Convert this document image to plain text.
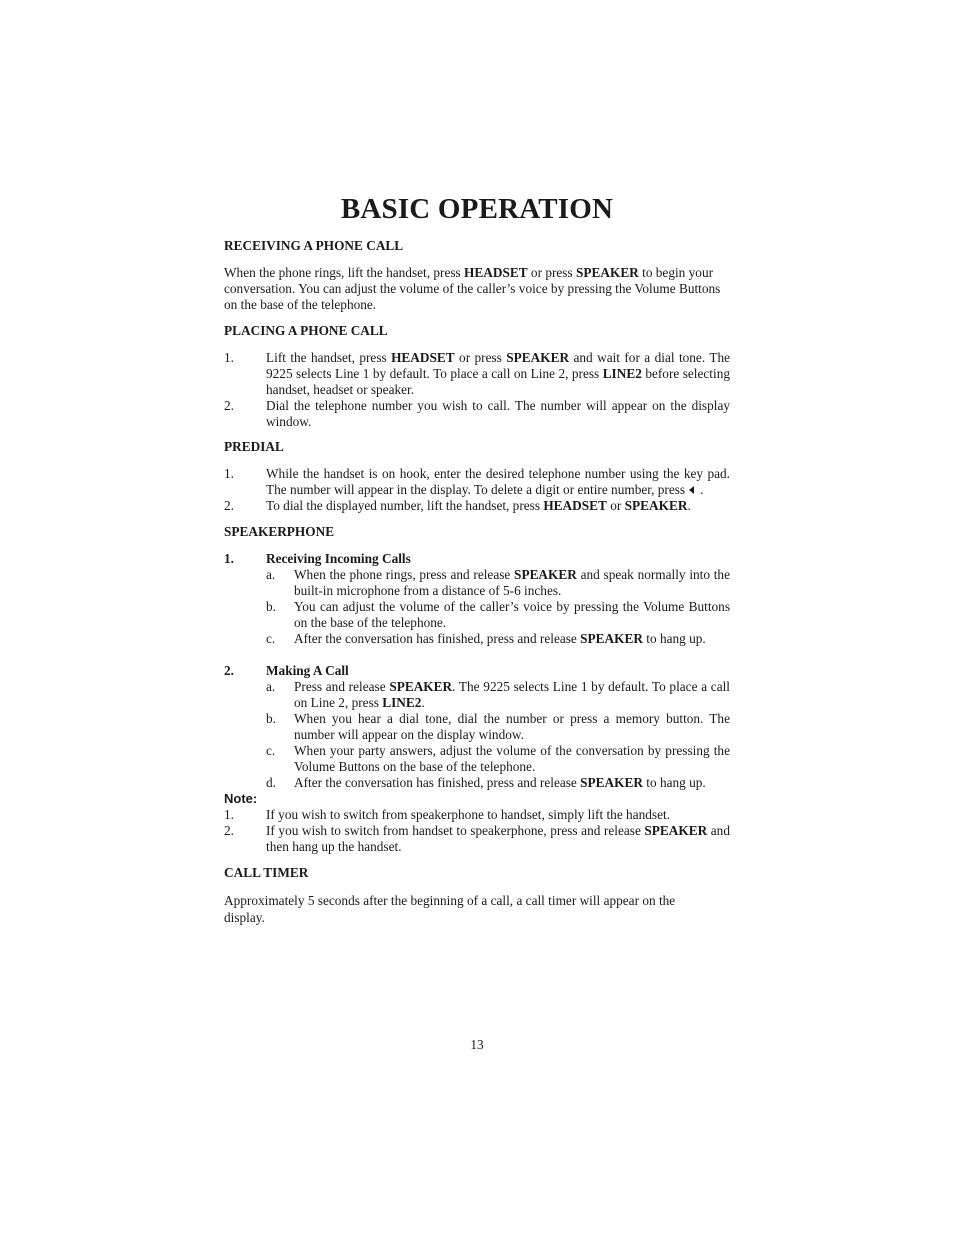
BASIC OPERATION

RECEIVING A PHONE CALL

When the phone rings, lift the handset, press HEADSET or press SPEAKER to begin your conversation. You can adjust the volume of the caller’s voice by pressing the Volume Buttons on the base of the telephone.

PLACING A PHONE CALL

1.	Lift the handset, press HEADSET or press SPEAKER and wait for a dial tone. The 9225 selects Line 1 by default. To place a call on Line 2, press LINE2 before selecting handset, headset or speaker.
2.	Dial the telephone number you wish to call. The number will appear on the display window.

PREDIAL

1.	While the handset is on hook, enter the desired telephone number using the key pad. The number will appear in the display. To delete a digit or entire number, press .
2.	To dial the displayed number, lift the handset, press HEADSET or SPEAKER.

SPEAKERPHONE

1.	Receiving Incoming Calls
a.	When the phone rings, press and release SPEAKER and speak normally into the built-in microphone from a distance of 5-6 inches.
b.	You can adjust the volume of the caller’s voice by pressing the Volume Buttons on the base of the telephone.
c.	After the conversation has finished, press and release SPEAKER to hang up.
2.	Making A Call
a.	Press and release SPEAKER. The 9225 selects Line 1 by default. To place a call on Line 2, press LINE2.
b.	When you hear a dial tone, dial the number or press a memory button. The number will appear on the display window.
c.	When your party answers, adjust the volume of the conversation by pressing the Volume Buttons on the base of the telephone.
d.	After the conversation has finished, press and release SPEAKER to hang up.

Note:

1.	If you wish to switch from speakerphone to handset, simply lift the handset.
2.	If you wish to switch from handset to speakerphone, press and release SPEAKER and then hang up the handset.

CALL TIMER

Approximately 5 seconds after the beginning of a call, a call timer will appear on the display.

13
